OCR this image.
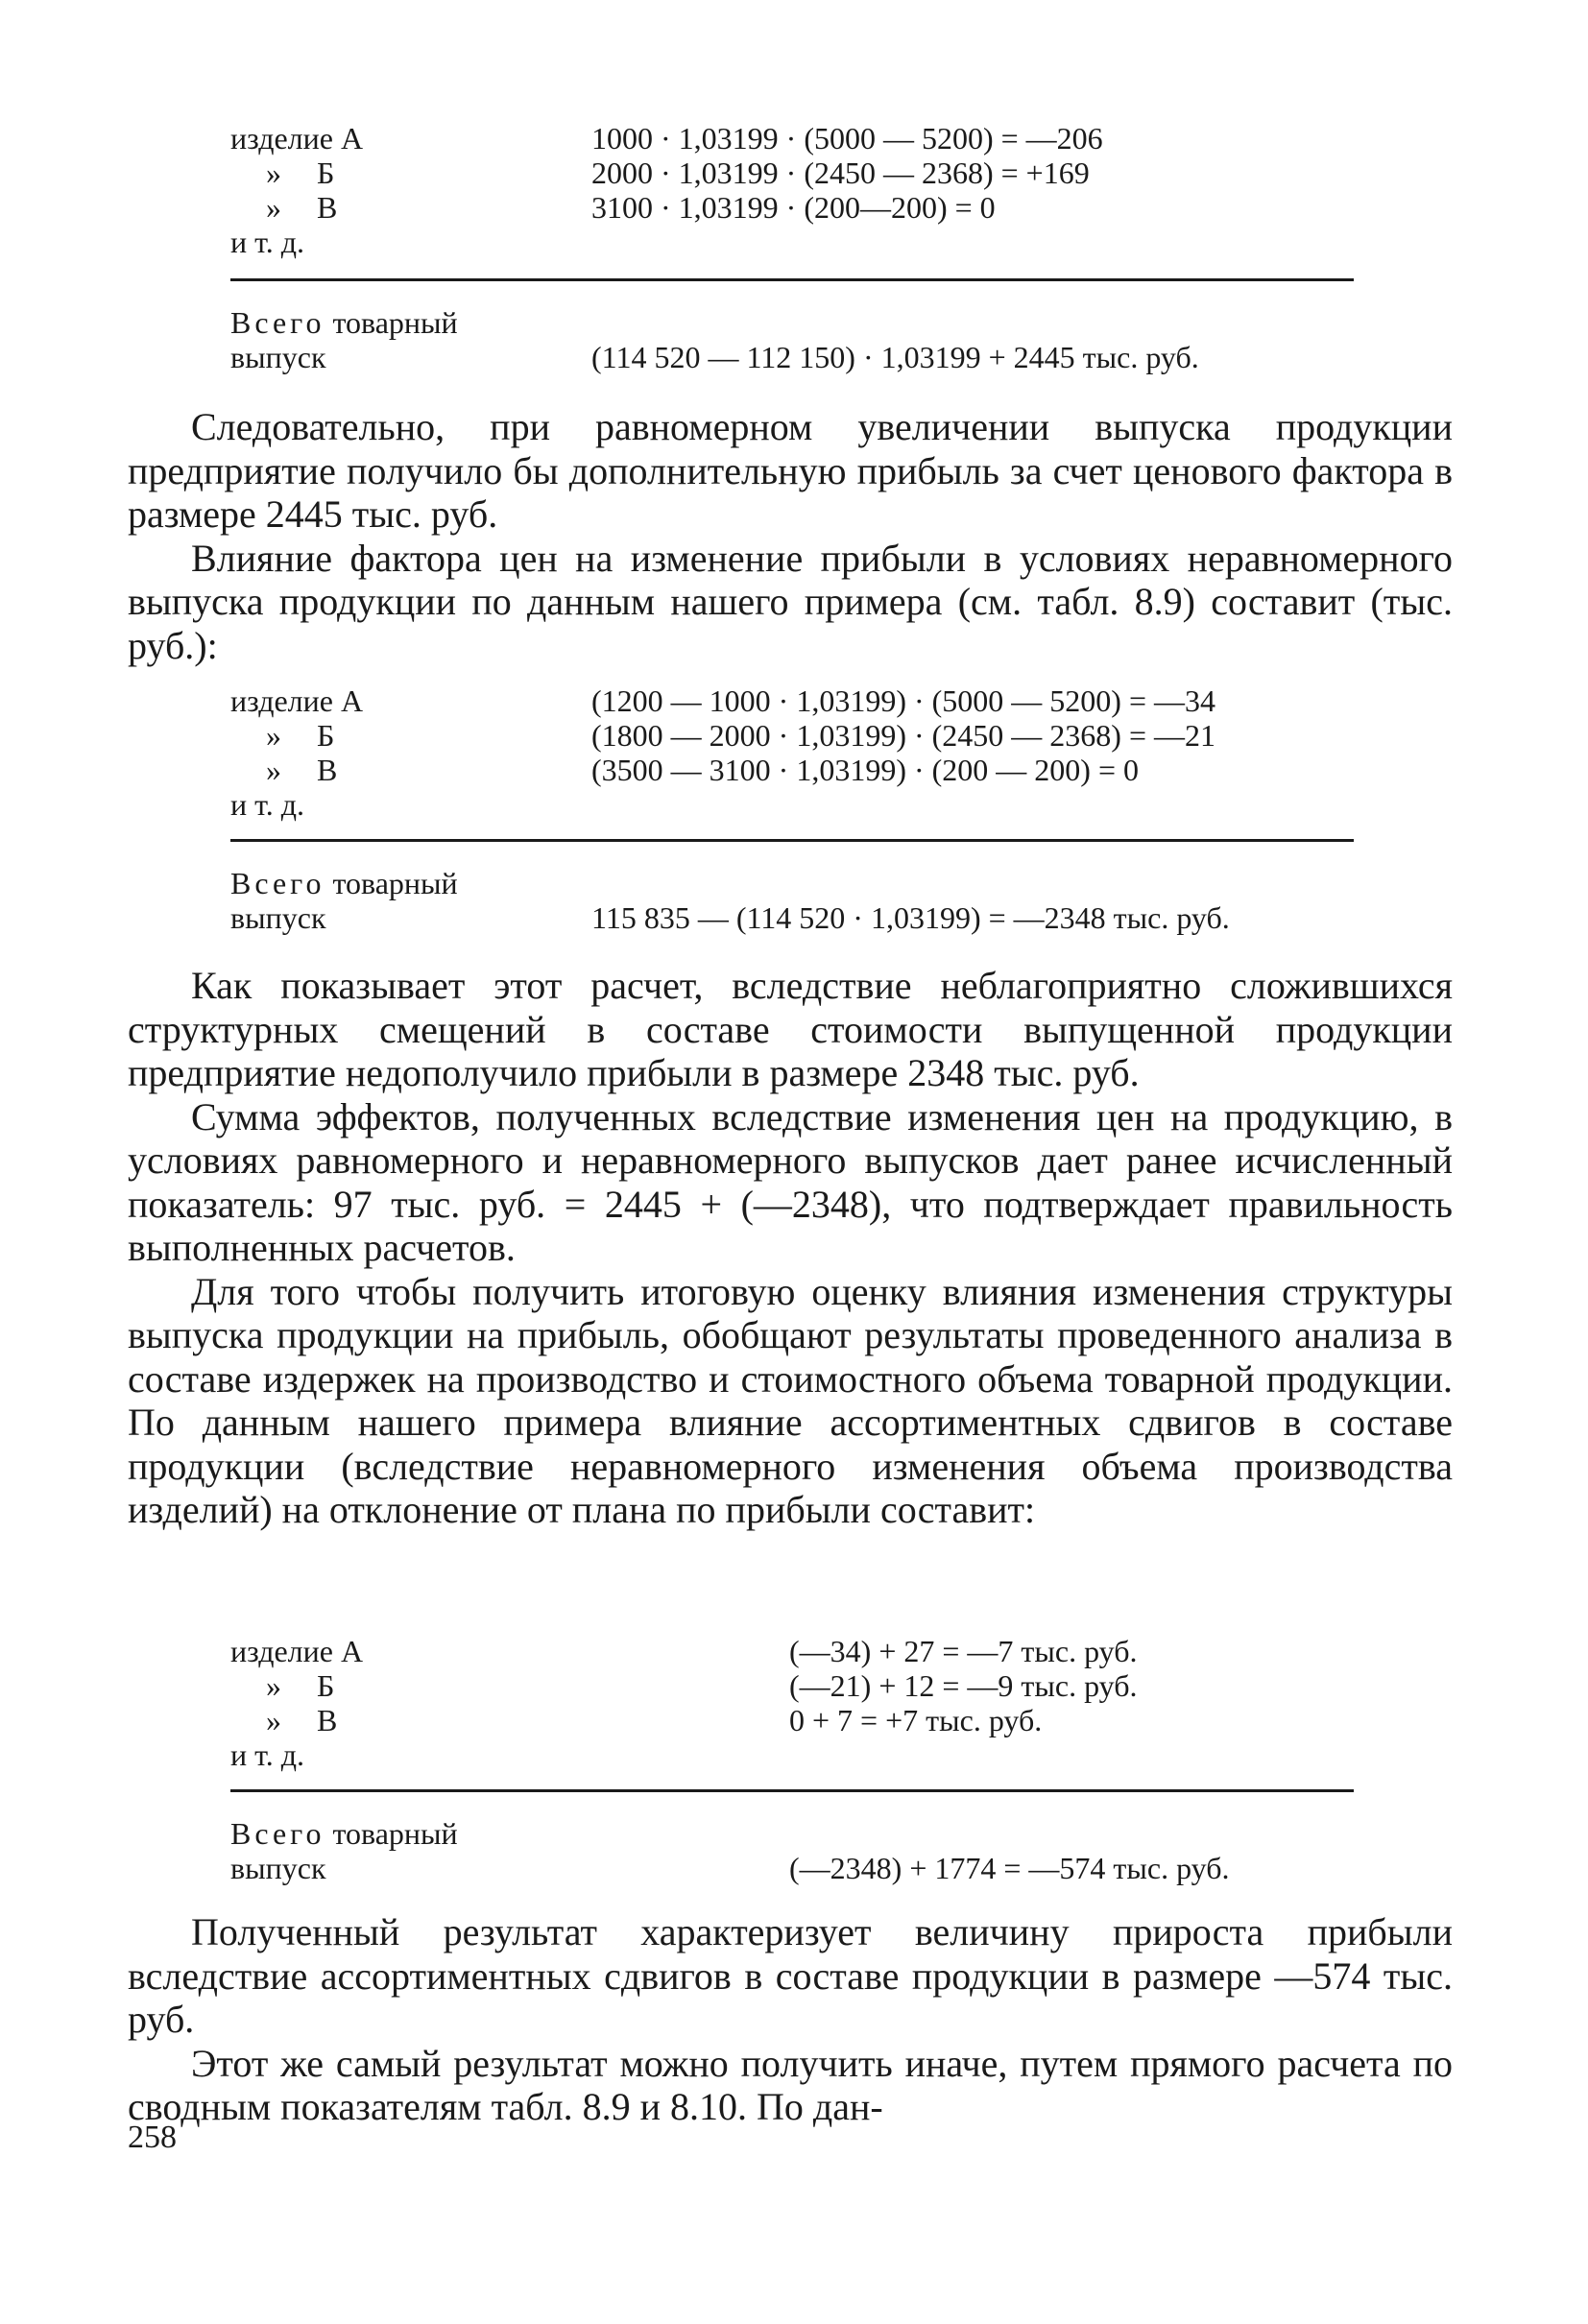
изделие А	1000 · 1,03199 · (5000 — 5200) = —206
» Б	2000 · 1,03199 · (2450 — 2368) = +169
» В	3100 · 1,03199 · (200—200) = 0
и т. д.
Всего товарный
выпуск	(114 520 — 112 150) · 1,03199 + 2445 тыс. руб.

Следовательно, при равномерном увеличении выпуска продукции предприятие получило бы дополнительную прибыль за счет ценового фактора в размере 2445 тыс. руб.

Влияние фактора цен на изменение прибыли в условиях неравномерного выпуска продукции по данным нашего примера (см. табл. 8.9) составит (тыс. руб.):

изделие А	(1200 — 1000 · 1,03199) · (5000 — 5200) = —34
» Б	(1800 — 2000 · 1,03199) · (2450 — 2368) = —21
» В	(3500 — 3100 · 1,03199) · (200 — 200) = 0
и т. д.
Всего товарный
выпуск	115 835 — (114 520 · 1,03199) = —2348 тыс. руб.

Как показывает этот расчет, вследствие неблагоприятно сложившихся структурных смещений в составе стоимости выпущенной продукции предприятие недополучило прибыли в размере 2348 тыс. руб.

Сумма эффектов, полученных вследствие изменения цен на продукцию, в условиях равномерного и неравномерного выпусков дает ранее исчисленный показатель: 97 тыс. руб. = 2445 + (—2348), что подтверждает правильность выполненных расчетов.

Для того чтобы получить итоговую оценку влияния изменения структуры выпуска продукции на прибыль, обобщают результаты проведенного анализа в составе издержек на производство и стоимостного объема товарной продукции. По данным нашего примера влияние ассортиментных сдвигов в составе продукции (вследствие неравномерного изменения объема производства изделий) на отклонение от плана по прибыли составит:

изделие А	(—34) + 27 = —7 тыс. руб.
» Б	(—21) + 12 = —9 тыс. руб.
» В	0 + 7 = +7 тыс. руб.
и т. д.
Всего товарный
выпуск	(—2348) + 1774 = —574 тыс. руб.

Полученный результат характеризует величину прироста прибыли вследствие ассортиментных сдвигов в составе продукции в размере —574 тыс. руб.

Этот же самый результат можно получить иначе, путем прямого расчета по сводным показателям табл. 8.9 и 8.10. По дан-

258
